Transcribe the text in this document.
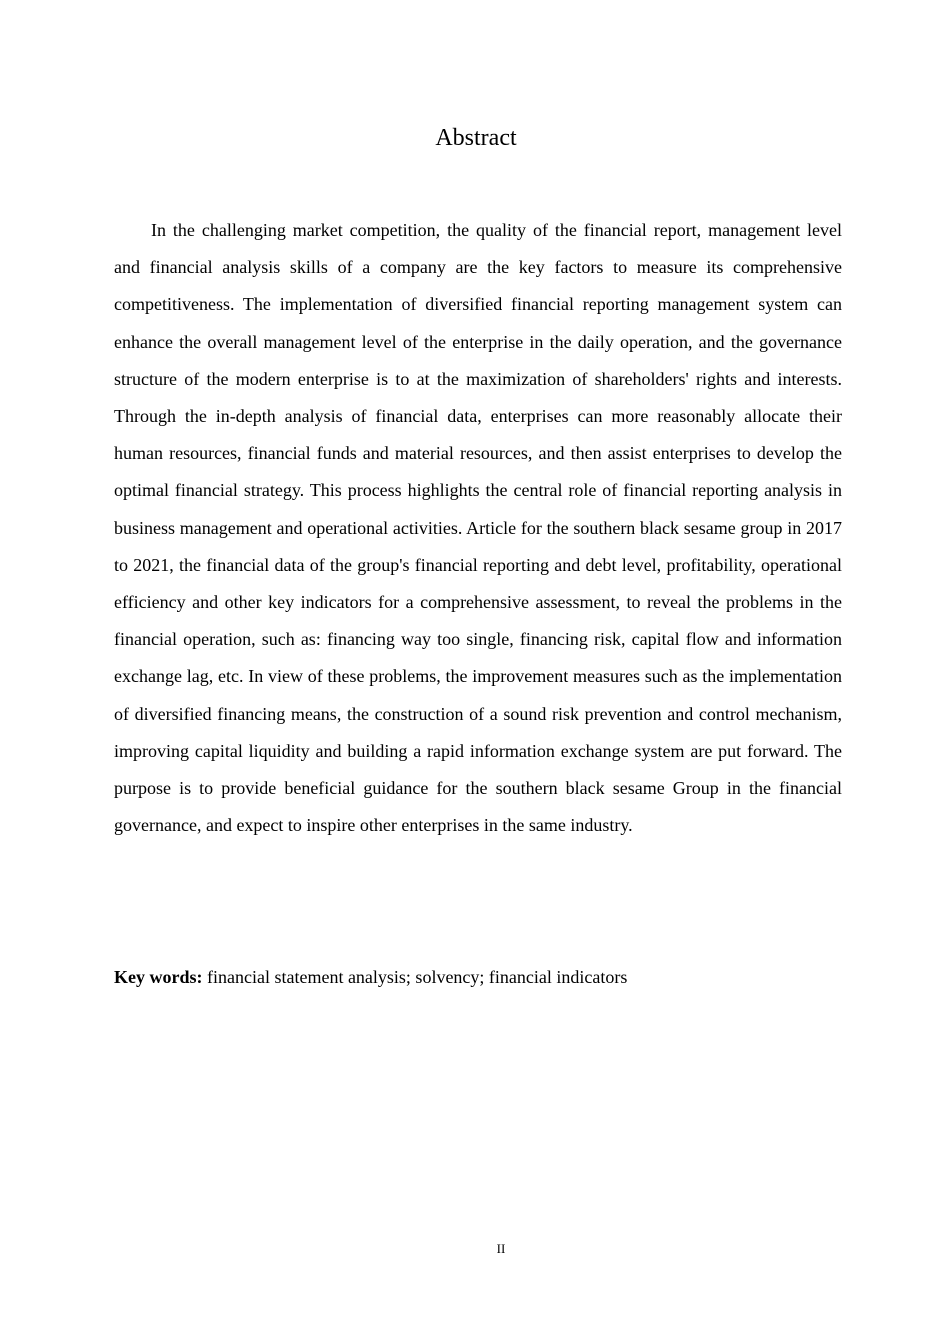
Abstract

In the challenging market competition, the quality of the financial report, management level and financial analysis skills of a company are the key factors to measure its comprehensive competitiveness. The implementation of diversified financial reporting management system can enhance the overall management level of the enterprise in the daily operation, and the governance structure of the modern enterprise is to at the maximization of shareholders' rights and interests. Through the in-depth analysis of financial data, enterprises can more reasonably allocate their human resources, financial funds and material resources, and then assist enterprises to develop the optimal financial strategy. This process highlights the central role of financial reporting analysis in business management and operational activities. Article for the southern black sesame group in 2017 to 2021, the financial data of the group's financial reporting and debt level, profitability, operational efficiency and other key indicators for a comprehensive assessment, to reveal the problems in the financial operation, such as: financing way too single, financing risk, capital flow and information exchange lag, etc. In view of these problems, the improvement measures such as the implementation of diversified financing means, the construction of a sound risk prevention and control mechanism, improving capital liquidity and building a rapid information exchange system are put forward. The purpose is to provide beneficial guidance for the southern black sesame Group in the financial governance, and expect to inspire other enterprises in the same industry.

Key words: financial statement analysis; solvency; financial indicators
II
